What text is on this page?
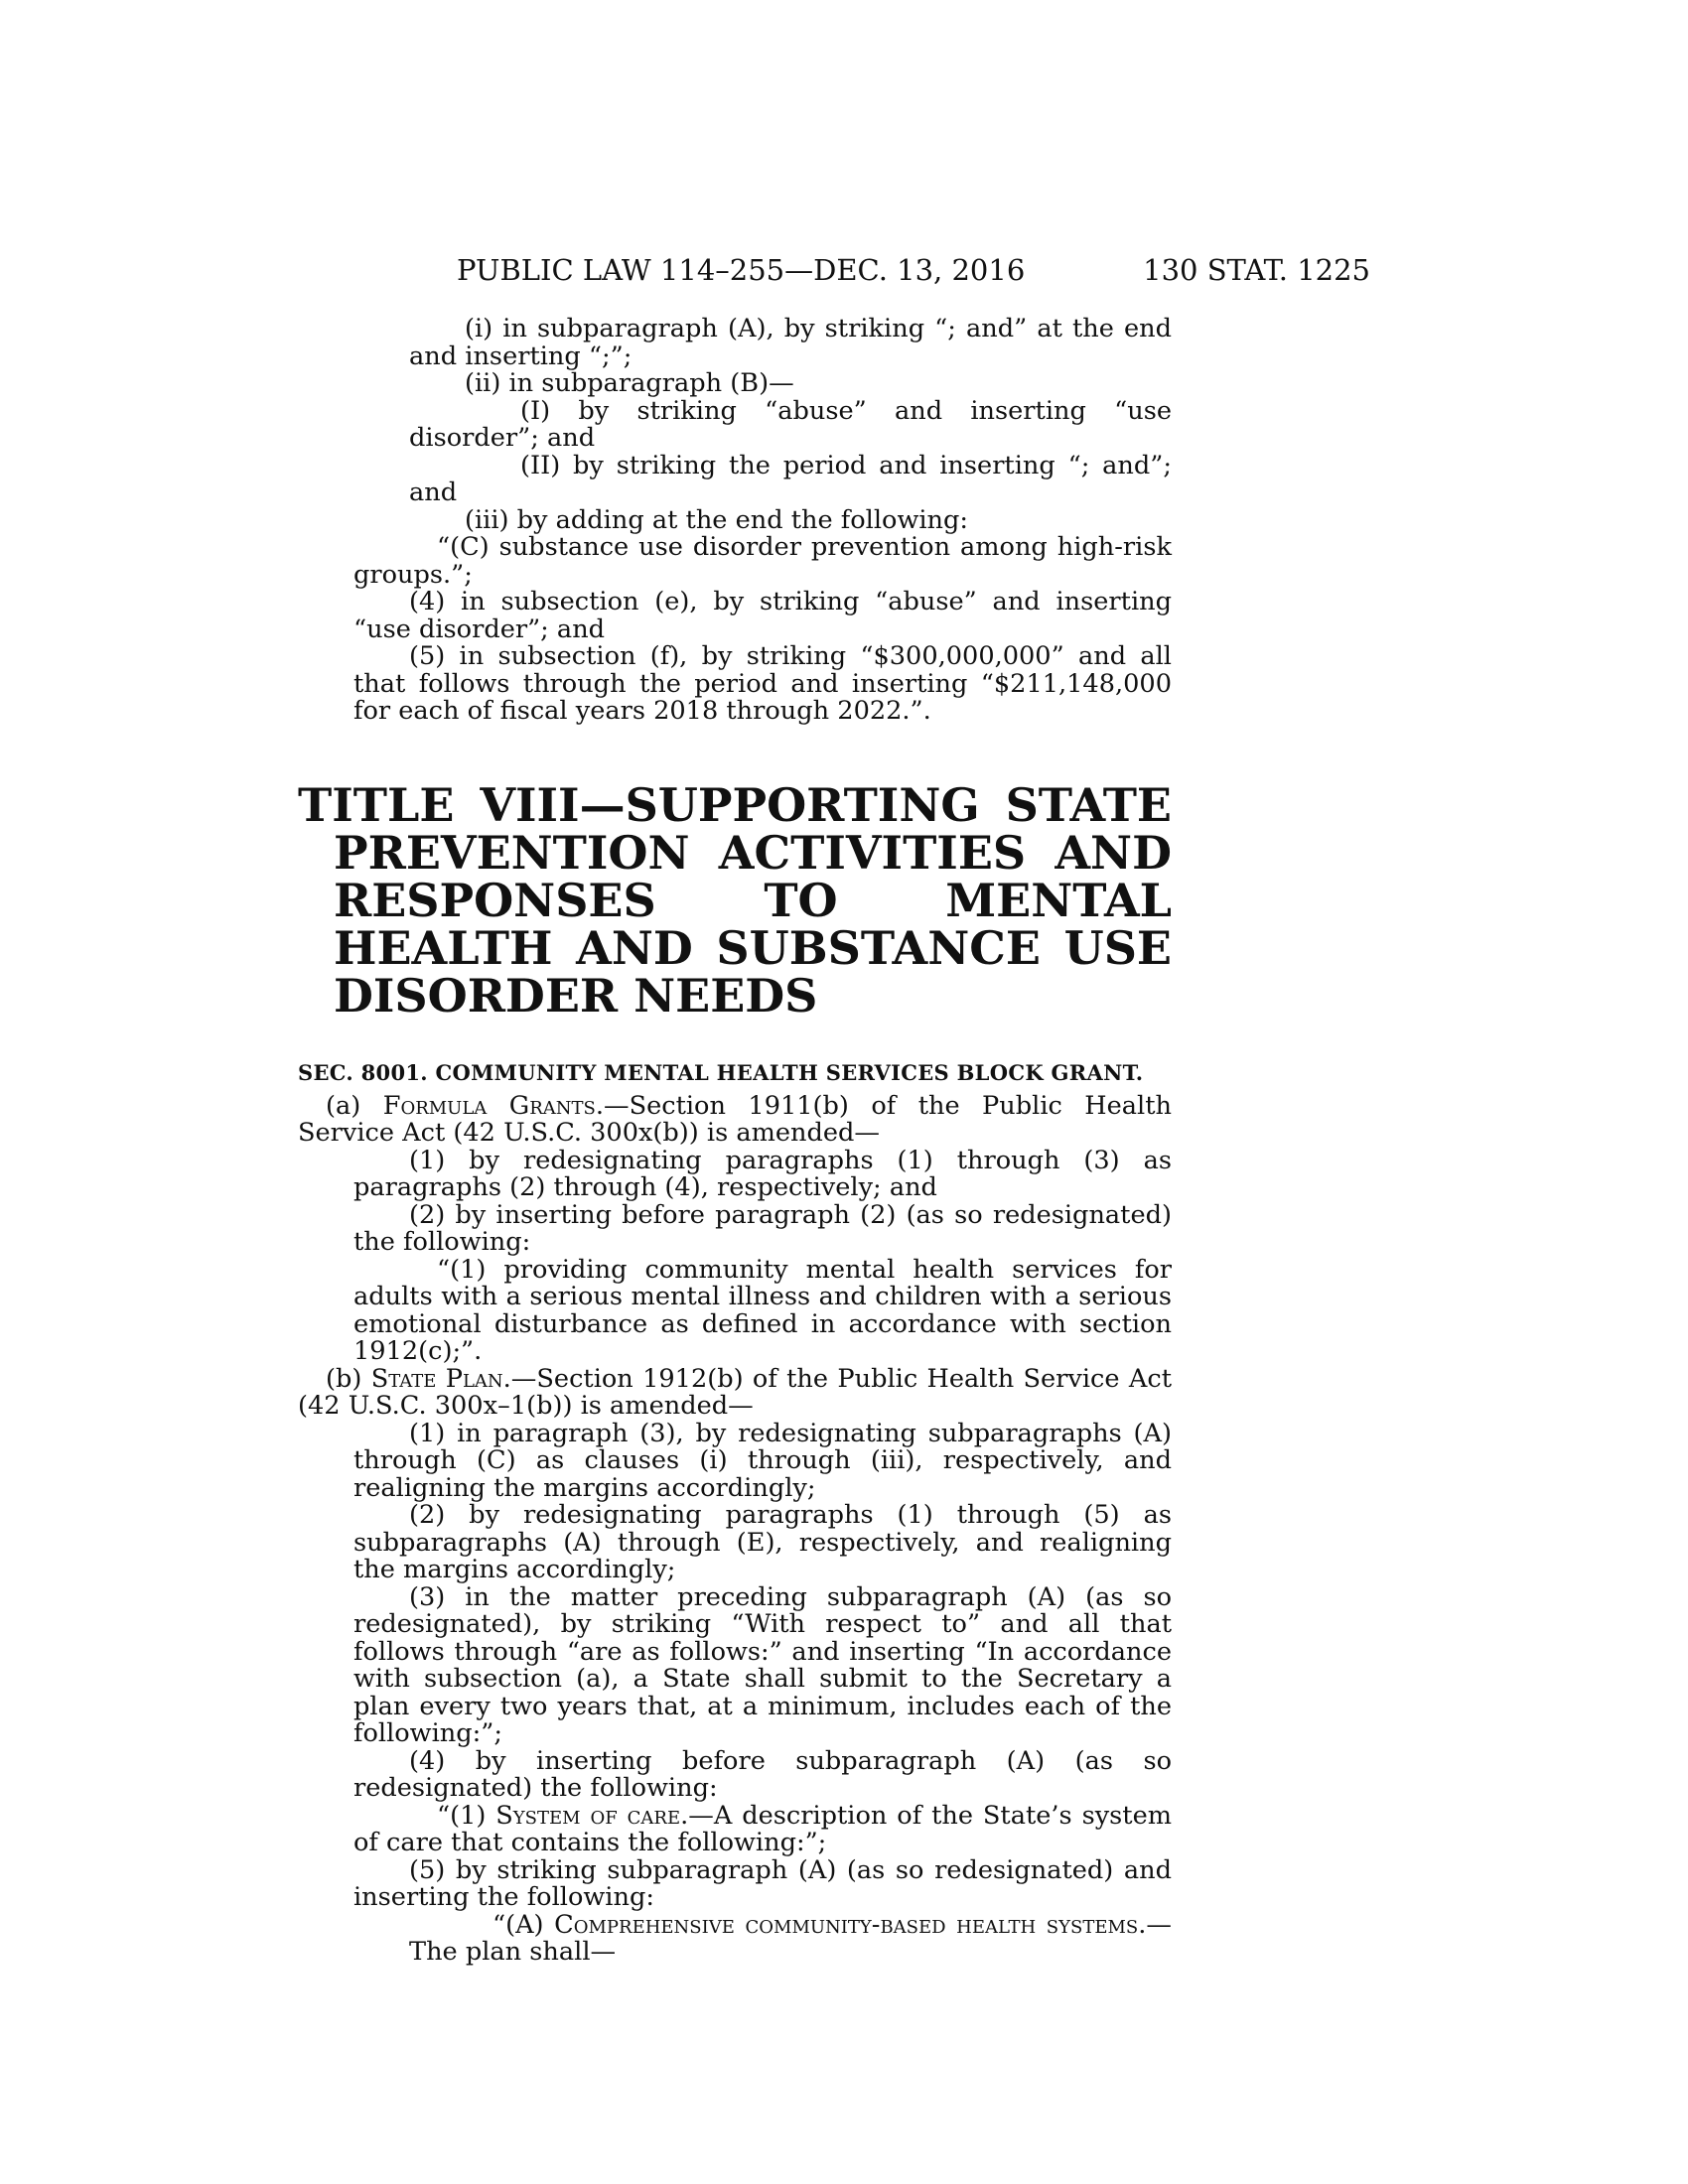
PUBLIC LAW 114–255—DEC. 13, 2016	130 STAT. 1225

(i) in subparagraph (A), by striking “; and” at the end and inserting “;”;

(ii) in subparagraph (B)—

(I) by striking “abuse” and inserting “use disorder”; and

(II) by striking the period and inserting “; and”; and

(iii) by adding at the end the following:

“(C) substance use disorder prevention among high-risk groups.”;

(4) in subsection (e), by striking “abuse” and inserting “use disorder”; and

(5) in subsection (f), by striking “$300,000,000” and all that follows through the period and inserting “$211,148,000 for each of fiscal years 2018 through 2022.”.

TITLE VIII—SUPPORTING STATE PREVENTION ACTIVITIES AND RESPONSES TO MENTAL HEALTH AND SUBSTANCE USE DISORDER NEEDS

SEC. 8001. COMMUNITY MENTAL HEALTH SERVICES BLOCK GRANT.

(a) Formula Grants.—Section 1911(b) of the Public Health Service Act (42 U.S.C. 300x(b)) is amended—

(1) by redesignating paragraphs (1) through (3) as paragraphs (2) through (4), respectively; and

(2) by inserting before paragraph (2) (as so redesignated) the following:

“(1) providing community mental health services for adults with a serious mental illness and children with a serious emotional disturbance as defined in accordance with section 1912(c);”.

(b) State Plan.—Section 1912(b) of the Public Health Service Act (42 U.S.C. 300x–1(b)) is amended—

(1) in paragraph (3), by redesignating subparagraphs (A) through (C) as clauses (i) through (iii), respectively, and realigning the margins accordingly;

(2) by redesignating paragraphs (1) through (5) as subparagraphs (A) through (E), respectively, and realigning the margins accordingly;

(3) in the matter preceding subparagraph (A) (as so redesignated), by striking “With respect to” and all that follows through “are as follows:” and inserting “In accordance with subsection (a), a State shall submit to the Secretary a plan every two years that, at a minimum, includes each of the following:”;

(4) by inserting before subparagraph (A) (as so redesignated) the following:

“(1) System of care.—A description of the State’s system of care that contains the following:”;

(5) by striking subparagraph (A) (as so redesignated) and inserting the following:

“(A) Comprehensive community-based health systems.—The plan shall—
